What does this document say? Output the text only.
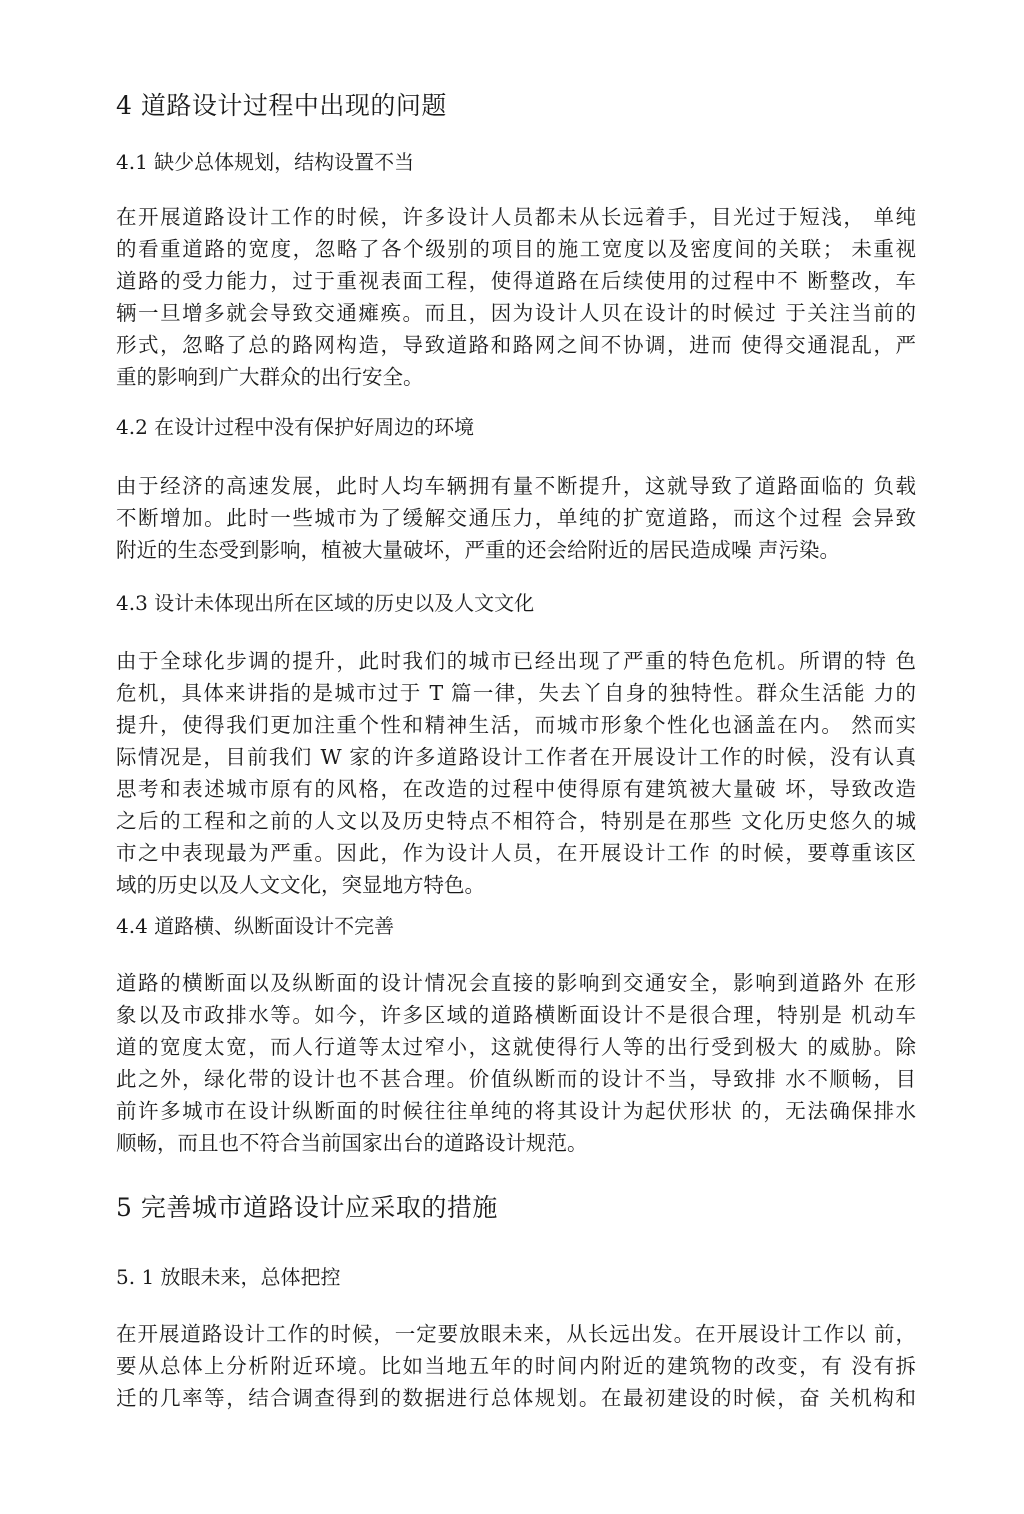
4 道路设计过程中出现的问题
4.1 缺少总体规划，结构设置不当
在开展道路设计工作的时候，许多设计人员都未从长远着手，目光过于短浅， 单纯
的看重道路的宽度，忽略了各个级别的项目的施工宽度以及密度间的关联； 未重视
道路的受力能力，过于重视表面工程，使得道路在后续使用的过程中不 断整改，车
辆一旦增多就会导致交通瘫痪。而且，因为设计人贝在设计的时候过 于关注当前的
形式，忽略了总的路网构造，导致道路和路网之间不协调，进而 使得交通混乱，严
重的影响到广大群众的出行安全。
4.2 在设计过程中没有保护好周边的环境
由于经济的高速发展，此时人均车辆拥有量不断提升，这就导致了道路面临的 负载
不断增加。此时一些城市为了缓解交通压力，单纯的扩宽道路，而这个过程 会异致
附近的生态受到影响，植被大量破坏，严重的还会给附近的居民造成噪 声污染。
4.3 设计未体现出所在区域的历史以及人文文化
由于全球化步调的提升，此时我们的城市已经出现了严重的特色危机。所谓的特 色
危机，具体来讲指的是城市过于 T 篇一律，失去丫自身的独特性。群众生活能 力的
提升，使得我们更加注重个性和精神生活，而城市形象个性化也涵盖在内。 然而实
际情况是，目前我们 W 家的许多道路设计工作者在开展设计工作的时候，没有认真
思考和表述城市原有的风格，在改造的过程中使得原有建筑被大量破 坏，导致改造
之后的工程和之前的人文以及历史特点不相符合，特别是在那些 文化历史悠久的城
市之中表现最为严重。因此，作为设计人员，在开展设计工作 的时候，要尊重该区
域的历史以及人文文化，突显地方特色。
4.4 道路横、纵断面设计不完善
道路的横断面以及纵断面的设计情况会直接的影响到交通安全，影响到道路外 在形
象以及市政排水等。如今，许多区域的道路横断面设计不是很合理，特别是 机动车
道的宽度太宽，而人行道等太过窄小，这就使得行人等的出行受到极大 的威胁。除
此之外，绿化带的设计也不甚合理。价值纵断而的设计不当，导致排 水不顺畅，目
前许多城市在设计纵断面的时候往往单纯的将其设计为起伏形状 的，无法确保排水
顺畅，而且也不符合当前国家出台的道路设计规范。
5 完善城市道路设计应采取的措施
5. 1 放眼未来，总体把控
在开展道路设计工作的时候，一定要放眼未来，从长远出发。在开展设计工作以 前，
要从总体上分析附近环境。比如当地五年的时间内附近的建筑物的改变，有 没有拆
迁的几率等，结合调查得到的数据进行总体规划。在最初建设的时候，奋 关机构和
